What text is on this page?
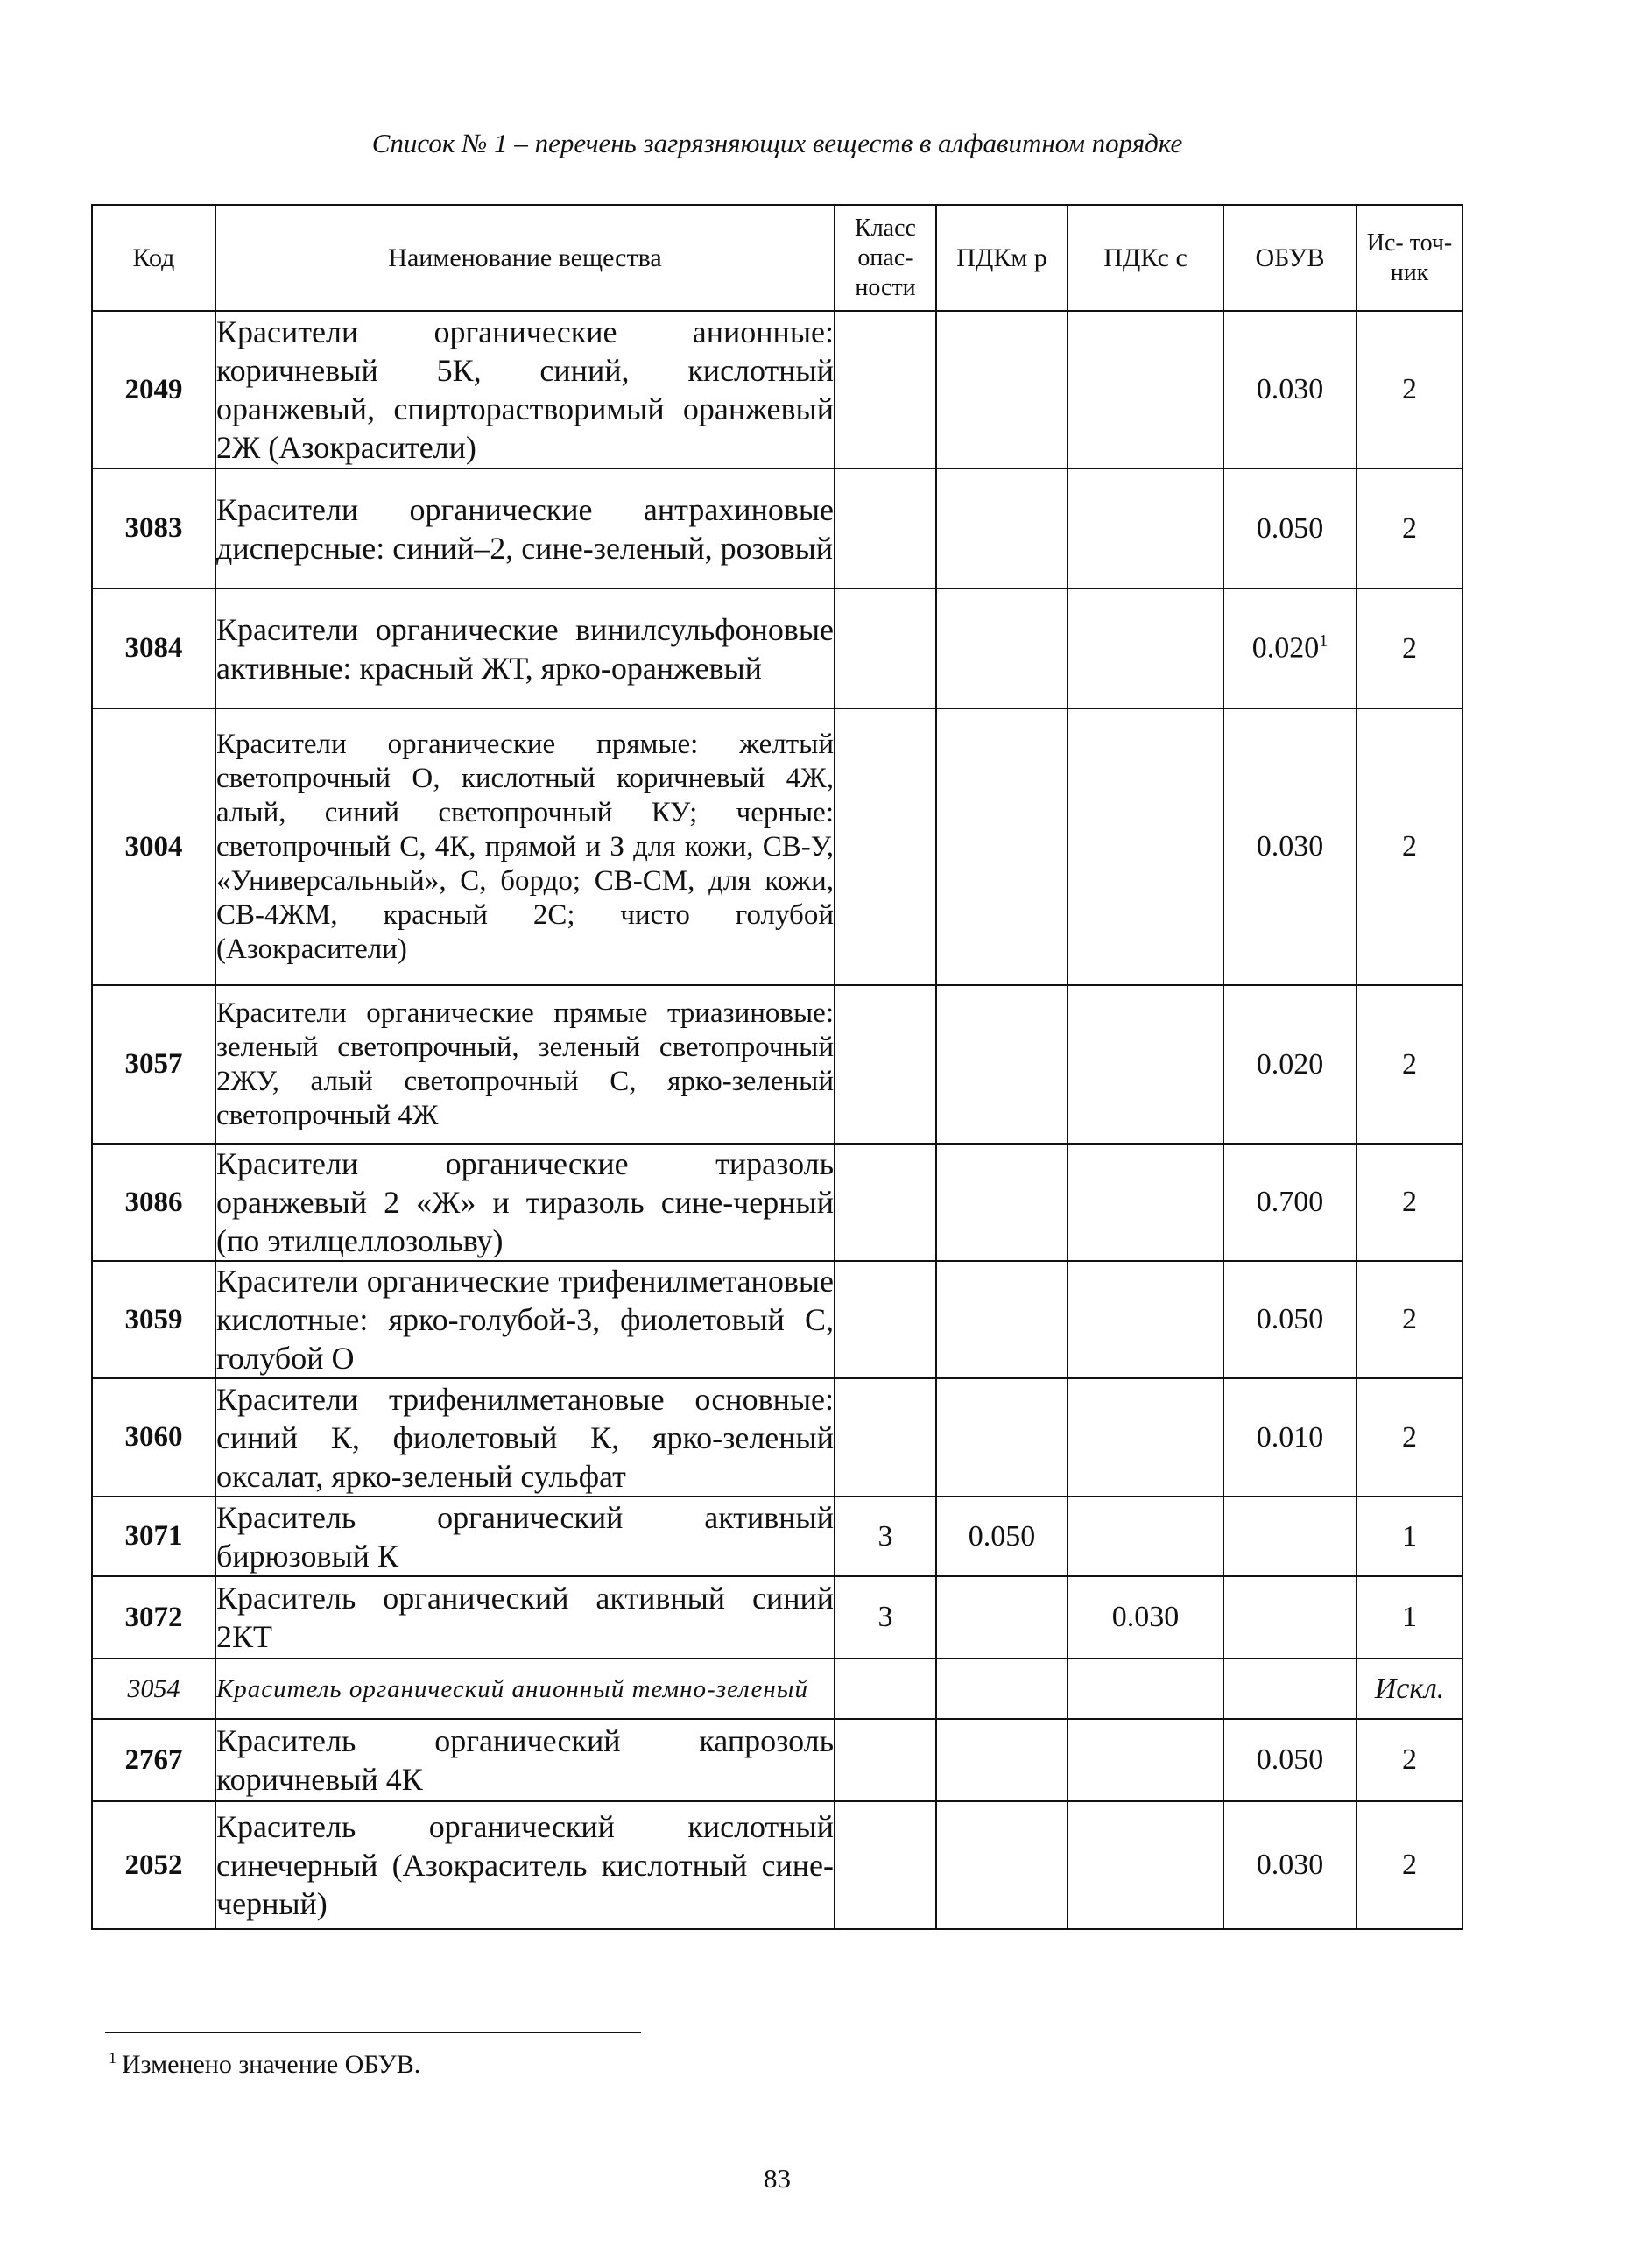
Список № 1 – перечень загрязняющих веществ в алфавитном порядке
Код	Наименование вещества	Класс опас- ности	ПДКм р	ПДКс с	ОБУВ	Ис- точ- ник
2049	Красители органические анионные: коричневый 5К, синий, кислотный оранжевый, спирторастворимый оранжевый 2Ж (Азокрасители)				0.030	2
3083	Красители органические антрахиновые дисперсные: синий–2, сине-зеленый, розовый				0.050	2
3084	Красители органические винилсульфоновые активные: красный ЖТ, ярко-оранжевый				0.020$^1$	2
3004	Красители органические прямые: желтый светопрочный О, кислотный коричневый 4Ж, алый, синий светопрочный КУ; черные: светопрочный С, 4К, прямой и З для кожи, СВ-У, «Универсальный», С, бордо; СВ-СМ, для кожи, СВ-4ЖМ, красный 2С; чисто голубой (Азокрасители)				0.030	2
3057	Красители органические прямые триазиновые: зеленый светопрочный, зеленый светопрочный 2ЖУ, алый светопрочный С, ярко-зеленый светопрочный 4Ж				0.020	2
3086	Красители органические тиразоль оранжевый 2 «Ж» и тиразоль сине-черный (по этилцеллозольву)				0.700	2
3059	Красители органические трифенилметановые кислотные: ярко-голубой-3, фиолетовый С, голубой О				0.050	2
3060	Красители трифенилметановые основные: синий К, фиолетовый К, ярко-зеленый оксалат, ярко-зеленый сульфат				0.010	2
3071	Краситель органический активный бирюзовый К	3	0.050			1
3072	Краситель органический активный синий 2КТ	3		0.030		1
3054	Краситель органический анионный темно-зеленый					Искл.
2767	Краситель органический капрозоль коричневый 4К				0.050	2
2052	Краситель органический кислотный синечерный (Азокраситель кислотный сине-черный)				0.030	2
$^1$ Изменено значение ОБУВ.
83
